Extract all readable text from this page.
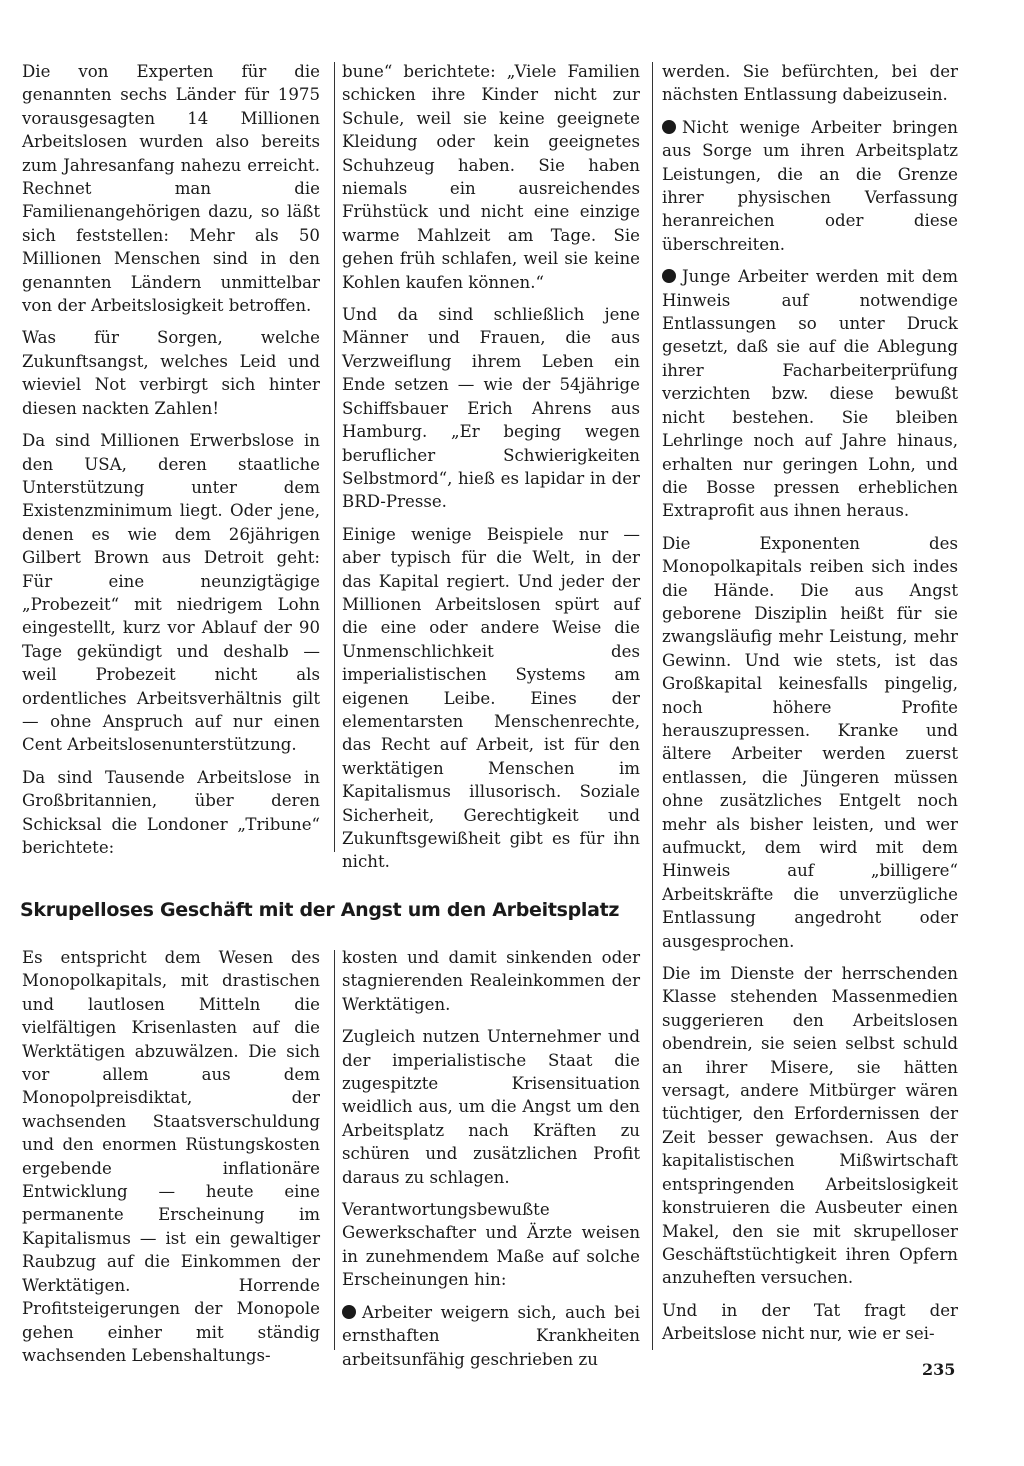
Die von Experten für die genannten sechs Länder für 1975 vorausgesagten 14 Millionen Arbeitslosen wurden also bereits zum Jahresanfang nahezu erreicht. Rechnet man die Familienangehörigen dazu, so läßt sich feststellen: Mehr als 50 Millionen Menschen sind in den genannten Ländern unmittelbar von der Arbeitslosigkeit betroffen.

Was für Sorgen, welche Zukunftsangst, welches Leid und wieviel Not verbirgt sich hinter diesen nackten Zahlen!

Da sind Millionen Erwerbslose in den USA, deren staatliche Unterstützung unter dem Existenzminimum liegt. Oder jene, denen es wie dem 26jährigen Gilbert Brown aus Detroit geht: Für eine neunzigtägige „Probezeit“ mit niedrigem Lohn eingestellt, kurz vor Ablauf der 90 Tage gekündigt und deshalb — weil Probezeit nicht als ordentliches Arbeitsverhältnis gilt — ohne Anspruch auf nur einen Cent Arbeitslosenunterstützung.

Da sind Tausende Arbeitslose in Großbritannien, über deren Schicksal die Londoner „Tribune“ berichtete:

bune“ berichtete: „Viele Familien schicken ihre Kinder nicht zur Schule, weil sie keine geeignete Kleidung oder kein geeignetes Schuhzeug haben. Sie haben niemals ein ausreichendes Frühstück und nicht eine einzige warme Mahlzeit am Tage. Sie gehen früh schlafen, weil sie keine Kohlen kaufen können.“

Und da sind schließlich jene Männer und Frauen, die aus Verzweiflung ihrem Leben ein Ende setzen — wie der 54jährige Schiffsbauer Erich Ahrens aus Hamburg. „Er beging wegen beruflicher Schwierigkeiten Selbstmord“, hieß es lapidar in der BRD-Presse.

Einige wenige Beispiele nur — aber typisch für die Welt, in der das Kapital regiert. Und jeder der Millionen Arbeitslosen spürt auf die eine oder andere Weise die Unmenschlichkeit des imperialistischen Systems am eigenen Leibe. Eines der elementarsten Menschenrechte, das Recht auf Arbeit, ist für den werktätigen Menschen im Kapitalismus illusorisch. Soziale Sicherheit, Gerechtigkeit und Zukunftsgewißheit gibt es für ihn nicht.

Skrupelloses Geschäft mit der Angst um den Arbeitsplatz

Es entspricht dem Wesen des Monopolkapitals, mit drastischen und lautlosen Mitteln die vielfältigen Krisenlasten auf die Werktätigen abzuwälzen. Die sich vor allem aus dem Monopolpreisdiktat, der wachsenden Staatsverschuldung und den enormen Rüstungskosten ergebende inflationäre Entwicklung — heute eine permanente Erscheinung im Kapitalismus — ist ein gewaltiger Raubzug auf die Einkommen der Werktätigen. Horrende Profitsteigerungen der Monopole gehen einher mit ständig wachsenden Lebenshaltungs-

kosten und damit sinkenden oder stagnierenden Realeinkommen der Werktätigen.

Zugleich nutzen Unternehmer und der imperialistische Staat die zugespitzte Krisensituation weidlich aus, um die Angst um den Arbeitsplatz nach Kräften zu schüren und zusätzlichen Profit daraus zu schlagen.

Verantwortungsbewußte Gewerkschafter und Ärzte weisen in zunehmendem Maße auf solche Erscheinungen hin:

Arbeiter weigern sich, auch bei ernsthaften Krankheiten arbeitsunfähig geschrieben zu

werden. Sie befürchten, bei der nächsten Entlassung dabeizusein.

Nicht wenige Arbeiter bringen aus Sorge um ihren Arbeitsplatz Leistungen, die an die Grenze ihrer physischen Verfassung heranreichen oder diese überschreiten.

Junge Arbeiter werden mit dem Hinweis auf notwendige Entlassungen so unter Druck gesetzt, daß sie auf die Ablegung ihrer Facharbeiterprüfung verzichten bzw. diese bewußt nicht bestehen. Sie bleiben Lehrlinge noch auf Jahre hinaus, erhalten nur geringen Lohn, und die Bosse pressen erheblichen Extraprofit aus ihnen heraus.

Die Exponenten des Monopolkapitals reiben sich indes die Hände. Die aus Angst geborene Disziplin heißt für sie zwangsläufig mehr Leistung, mehr Gewinn. Und wie stets, ist das Großkapital keinesfalls pingelig, noch höhere Profite herauszupressen. Kranke und ältere Arbeiter werden zuerst entlassen, die Jüngeren müssen ohne zusätzliches Entgelt noch mehr als bisher leisten, und wer aufmuckt, dem wird mit dem Hinweis auf „billigere“ Arbeitskräfte die unverzügliche Entlassung angedroht oder ausgesprochen.

Die im Dienste der herrschenden Klasse stehenden Massenmedien suggerieren den Arbeitslosen obendrein, sie seien selbst schuld an ihrer Misere, sie hätten versagt, andere Mitbürger wären tüchtiger, den Erfordernissen der Zeit besser gewachsen. Aus der kapitalistischen Mißwirtschaft entspringenden Arbeitslosigkeit konstruieren die Ausbeuter einen Makel, den sie mit skrupelloser Geschäftstüchtigkeit ihren Opfern anzuheften versuchen.

Und in der Tat fragt der Arbeitslose nicht nur, wie er sei-

235
